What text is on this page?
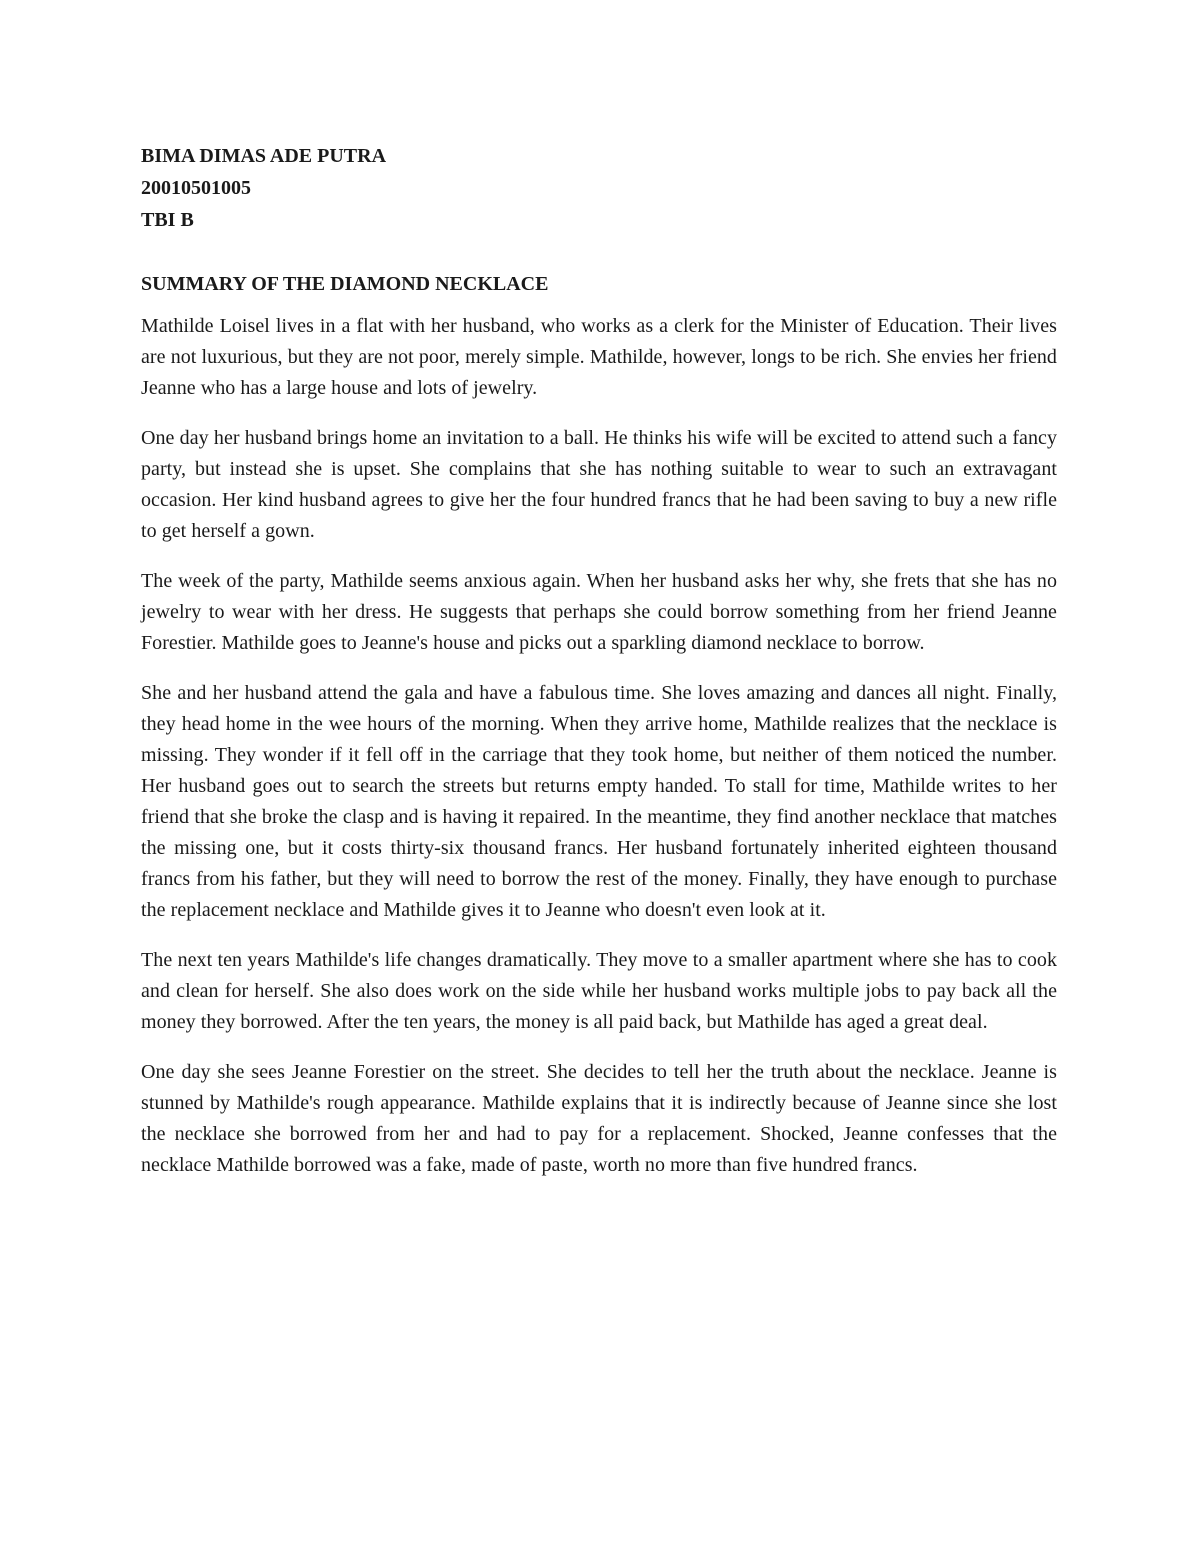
BIMA DIMAS ADE PUTRA

20010501005

TBI B

SUMMARY OF THE DIAMOND NECKLACE

Mathilde Loisel lives in a flat with her husband, who works as a clerk for the Minister of Education. Their lives are not luxurious, but they are not poor, merely simple. Mathilde, however, longs to be rich. She envies her friend Jeanne who has a large house and lots of jewelry.

One day her husband brings home an invitation to a ball. He thinks his wife will be excited to attend such a fancy party, but instead she is upset. She complains that she has nothing suitable to wear to such an extravagant occasion. Her kind husband agrees to give her the four hundred francs that he had been saving to buy a new rifle to get herself a gown.

The week of the party, Mathilde seems anxious again. When her husband asks her why, she frets that she has no jewelry to wear with her dress. He suggests that perhaps she could borrow something from her friend Jeanne Forestier. Mathilde goes to Jeanne's house and picks out a sparkling diamond necklace to borrow.

She and her husband attend the gala and have a fabulous time. She loves amazing and dances all night. Finally, they head home in the wee hours of the morning. When they arrive home, Mathilde realizes that the necklace is missing. They wonder if it fell off in the carriage that they took home, but neither of them noticed the number. Her husband goes out to search the streets but returns empty handed. To stall for time, Mathilde writes to her friend that she broke the clasp and is having it repaired. In the meantime, they find another necklace that matches the missing one, but it costs thirty-six thousand francs. Her husband fortunately inherited eighteen thousand francs from his father, but they will need to borrow the rest of the money. Finally, they have enough to purchase the replacement necklace and Mathilde gives it to Jeanne who doesn't even look at it.

The next ten years Mathilde's life changes dramatically. They move to a smaller apartment where she has to cook and clean for herself. She also does work on the side while her husband works multiple jobs to pay back all the money they borrowed. After the ten years, the money is all paid back, but Mathilde has aged a great deal.

One day she sees Jeanne Forestier on the street. She decides to tell her the truth about the necklace. Jeanne is stunned by Mathilde's rough appearance. Mathilde explains that it is indirectly because of Jeanne since she lost the necklace she borrowed from her and had to pay for a replacement. Shocked, Jeanne confesses that the necklace Mathilde borrowed was a fake, made of paste, worth no more than five hundred francs.
